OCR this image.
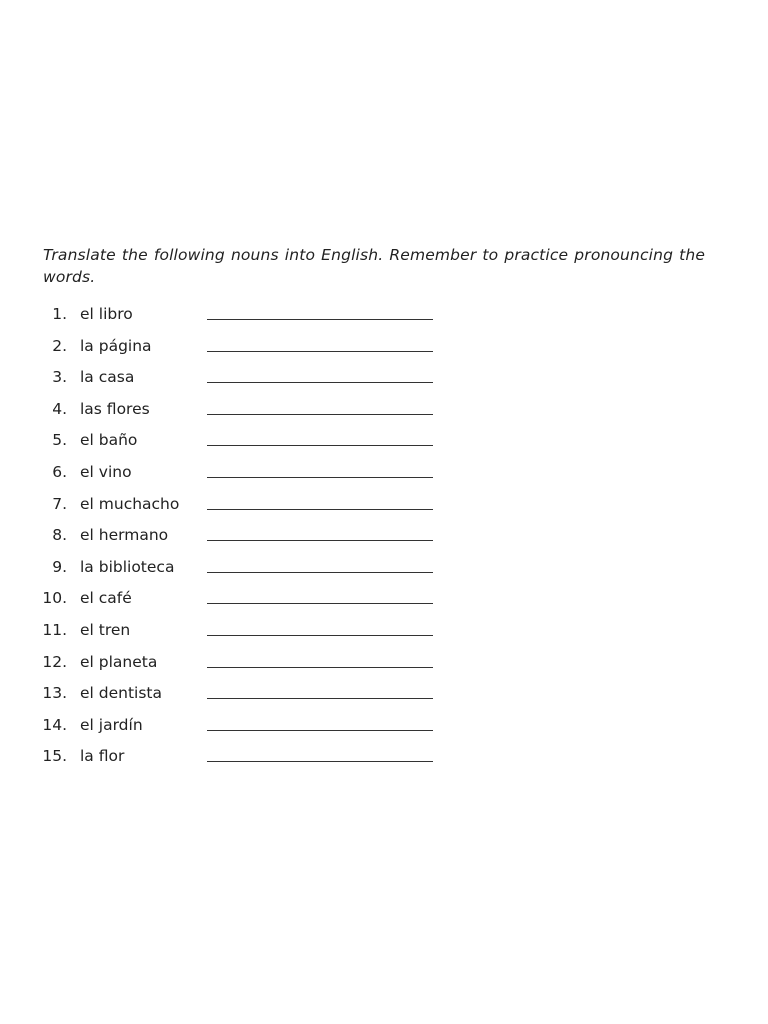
Translate the following nouns into English. Remember to practice pronouncing the words.

1. el libro
2. la página
3. la casa
4. las flores
5. el baño
6. el vino
7. el muchacho
8. el hermano
9. la biblioteca
10. el café
11. el tren
12. el planeta
13. el dentista
14. el jardín
15. la flor
